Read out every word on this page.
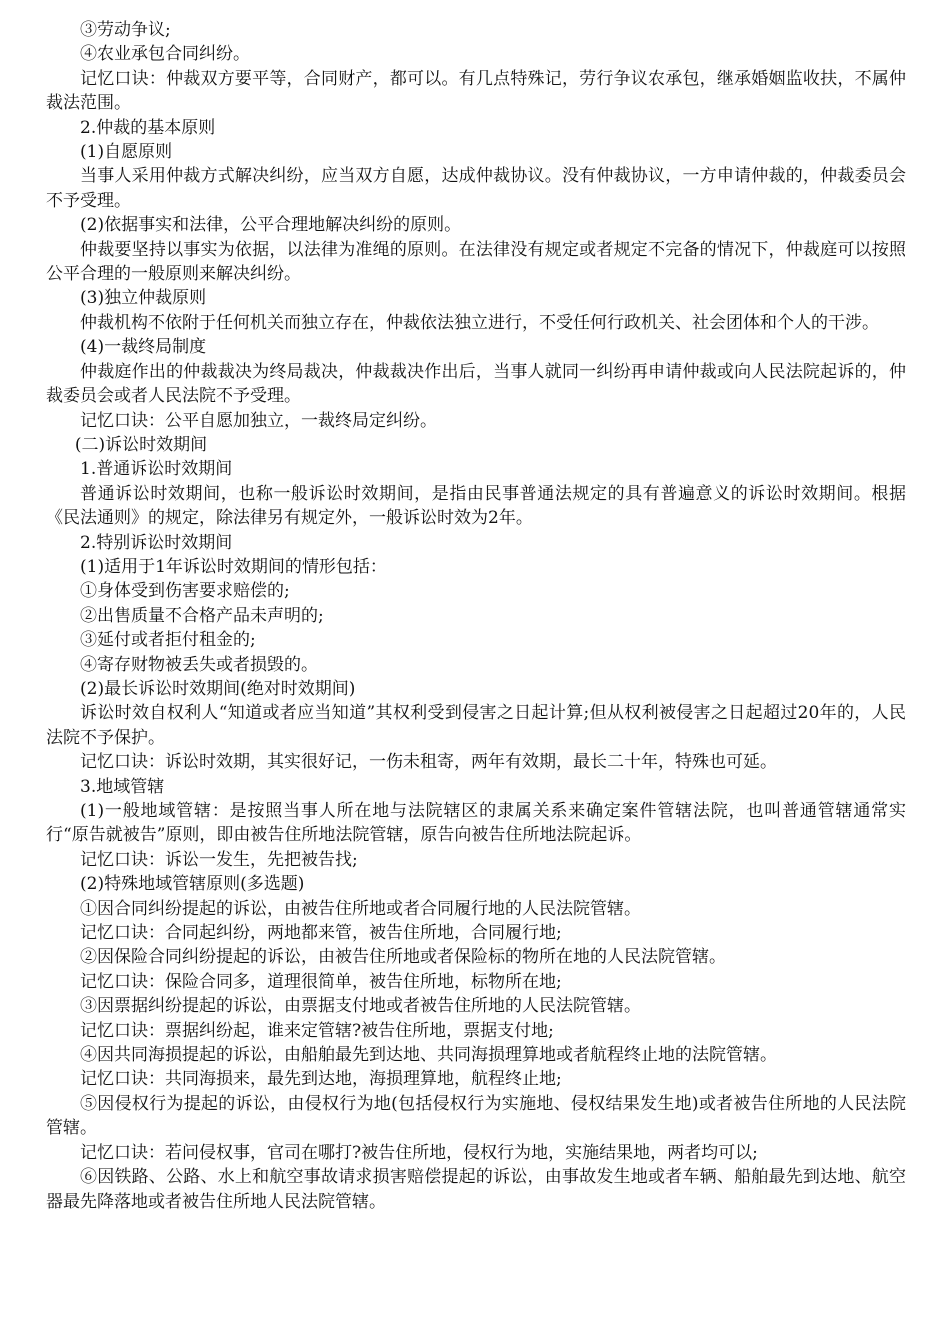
③劳动争议;

④农业承包合同纠纷。

记忆口诀：仲裁双方要平等，合同财产，都可以。有几点特殊记，劳行争议农承包，继承婚姻监收扶，不属仲裁法范围。

2.仲裁的基本原则

(1)自愿原则

当事人采用仲裁方式解决纠纷，应当双方自愿，达成仲裁协议。没有仲裁协议，一方申请仲裁的，仲裁委员会不予受理。

(2)依据事实和法律，公平合理地解决纠纷的原则。

仲裁要坚持以事实为依据，以法律为准绳的原则。在法律没有规定或者规定不完备的情况下，仲裁庭可以按照公平合理的一般原则来解决纠纷。

(3)独立仲裁原则

仲裁机构不依附于任何机关而独立存在，仲裁依法独立进行，不受任何行政机关、社会团体和个人的干涉。

(4)一裁终局制度

仲裁庭作出的仲裁裁决为终局裁决，仲裁裁决作出后，当事人就同一纠纷再申请仲裁或向人民法院起诉的，仲裁委员会或者人民法院不予受理。

记忆口诀：公平自愿加独立，一裁终局定纠纷。

(二)诉讼时效期间

1.普通诉讼时效期间

普通诉讼时效期间，也称一般诉讼时效期间，是指由民事普通法规定的具有普遍意义的诉讼时效期间。根据《民法通则》的规定，除法律另有规定外，一般诉讼时效为2年。

2.特别诉讼时效期间

(1)适用于1年诉讼时效期间的情形包括：

①身体受到伤害要求赔偿的;

②出售质量不合格产品未声明的;

③延付或者拒付租金的;

④寄存财物被丢失或者损毁的。

(2)最长诉讼时效期间(绝对时效期间)

诉讼时效自权利人“知道或者应当知道”其权利受到侵害之日起计算;但从权利被侵害之日起超过20年的，人民法院不予保护。

记忆口诀：诉讼时效期，其实很好记，一伤未租寄，两年有效期，最长二十年，特殊也可延。

3.地域管辖

(1)一般地域管辖：是按照当事人所在地与法院辖区的隶属关系来确定案件管辖法院，也叫普通管辖通常实行“原告就被告”原则，即由被告住所地法院管辖，原告向被告住所地法院起诉。

记忆口诀：诉讼一发生，先把被告找;

(2)特殊地域管辖原则(多选题)

①因合同纠纷提起的诉讼，由被告住所地或者合同履行地的人民法院管辖。

记忆口诀：合同起纠纷，两地都来管，被告住所地，合同履行地;

②因保险合同纠纷提起的诉讼，由被告住所地或者保险标的物所在地的人民法院管辖。

记忆口诀：保险合同多，道理很简单，被告住所地，标物所在地;

③因票据纠纷提起的诉讼，由票据支付地或者被告住所地的人民法院管辖。

记忆口诀：票据纠纷起，谁来定管辖?被告住所地，票据支付地;

④因共同海损提起的诉讼，由船舶最先到达地、共同海损理算地或者航程终止地的法院管辖。

记忆口诀：共同海损来，最先到达地，海损理算地，航程终止地;

⑤因侵权行为提起的诉讼，由侵权行为地(包括侵权行为实施地、侵权结果发生地)或者被告住所地的人民法院管辖。

记忆口诀：若问侵权事，官司在哪打?被告住所地，侵权行为地，实施结果地，两者均可以;

⑥因铁路、公路、水上和航空事故请求损害赔偿提起的诉讼，由事故发生地或者车辆、船舶最先到达地、航空器最先降落地或者被告住所地人民法院管辖。
